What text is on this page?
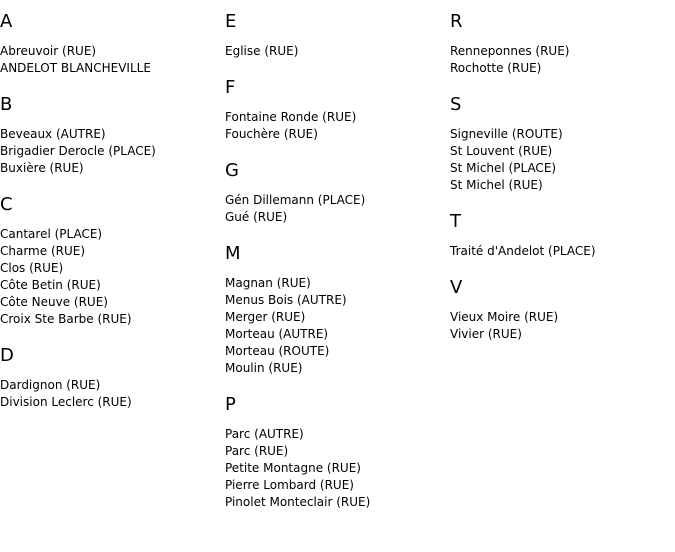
A
Abreuvoir (RUE)
ANDELOT BLANCHEVILLE
B
Beveaux (AUTRE)
Brigadier Derocle (PLACE)
Buxière (RUE)
C
Cantarel (PLACE)
Charme (RUE)
Clos (RUE)
Côte Betin (RUE)
Côte Neuve (RUE)
Croix Ste Barbe (RUE)
D
Dardignon (RUE)
Division Leclerc (RUE)
E
Eglise (RUE)
F
Fontaine Ronde (RUE)
Fouchère (RUE)
G
Gén Dillemann (PLACE)
Gué (RUE)
M
Magnan (RUE)
Menus Bois (AUTRE)
Merger (RUE)
Morteau (AUTRE)
Morteau (ROUTE)
Moulin (RUE)
P
Parc (AUTRE)
Parc (RUE)
Petite Montagne (RUE)
Pierre Lombard (RUE)
Pinolet Monteclair (RUE)
R
Renneponnes (RUE)
Rochotte (RUE)
S
Signeville (ROUTE)
St Louvent (RUE)
St Michel (PLACE)
St Michel (RUE)
T
Traité d'Andelot (PLACE)
V
Vieux Moire (RUE)
Vivier (RUE)
